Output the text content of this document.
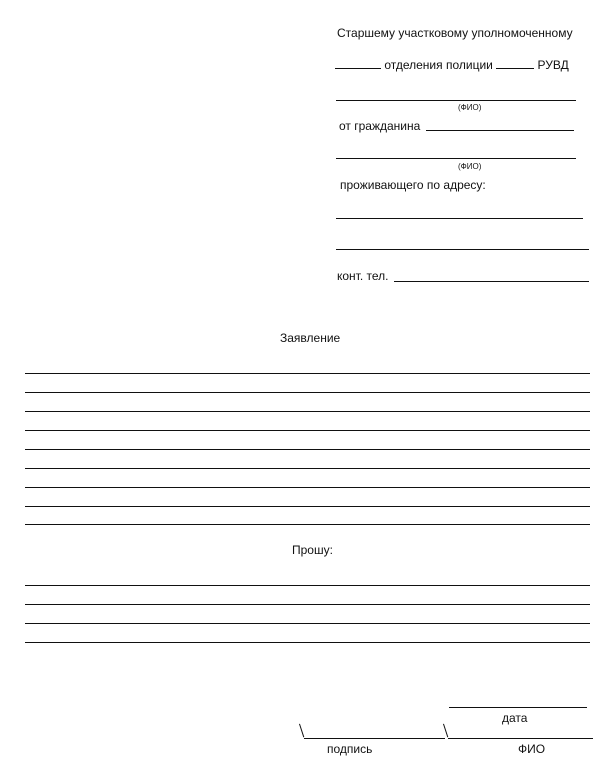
Старшему участковому уполномоченному
отделения полиции	РУВД
(ФИО)
от гражданина
(ФИО)
проживающего по адресу:
конт. тел.
Заявление
Прошу:
дата
подпись	ФИО
